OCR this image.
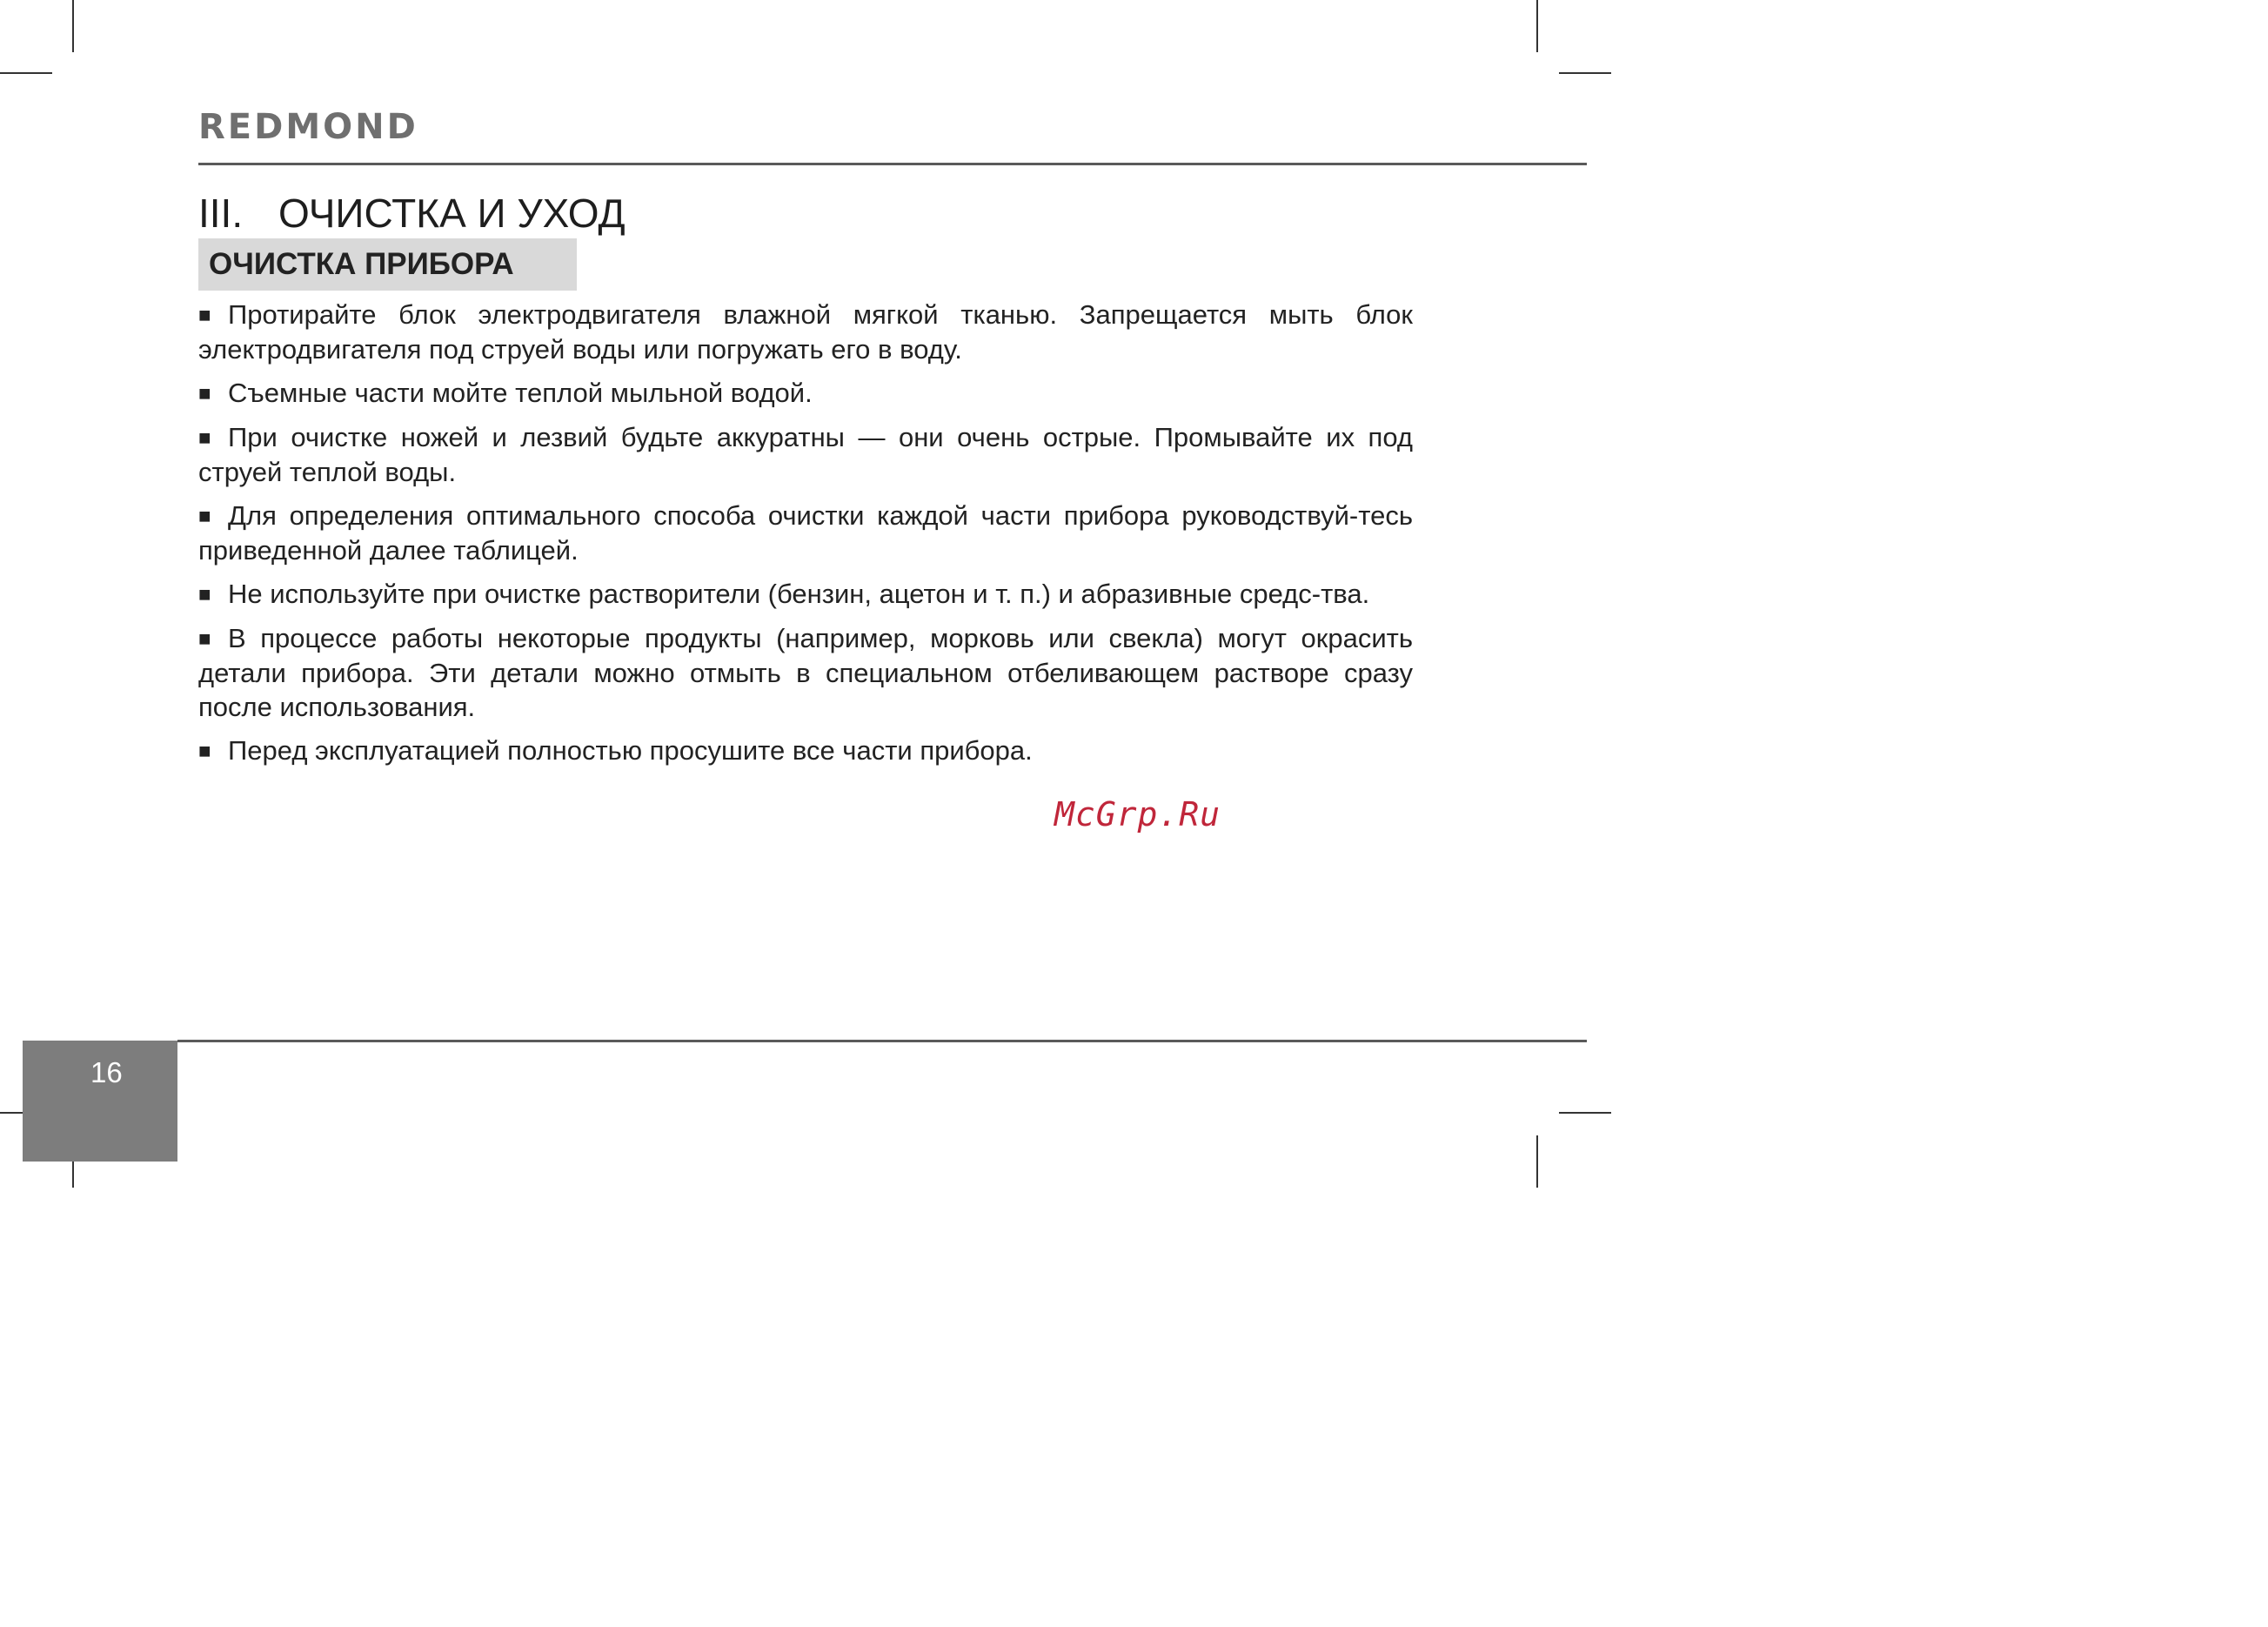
REDMOND
III. ОЧИСТКА И УХОД
ОЧИСТКА ПРИБОРА

■ Протирайте блок электродвигателя влажной мягкой тканью. Запрещается мыть блок электродвигателя под струей воды или погружать его в воду.

■ Съемные части мойте теплой мыльной водой.

■ При очистке ножей и лезвий будьте аккуратны — они очень острые. Промывайте их под струей теплой воды.

■ Для определения оптимального способа очистки каждой части прибора руководствуй-тесь приведенной далее таблицей.

■ Не используйте при очистке растворители (бензин, ацетон и т. п.) и абразивные средс-тва.

■ В процессе работы некоторые продукты (например, морковь или свекла) могут окрасить детали прибора. Эти детали можно отмыть в специальном отбеливающем растворе сразу после использования.

■ Перед эксплуатацией полностью просушите все части прибора.

McGrp.Ru
16
